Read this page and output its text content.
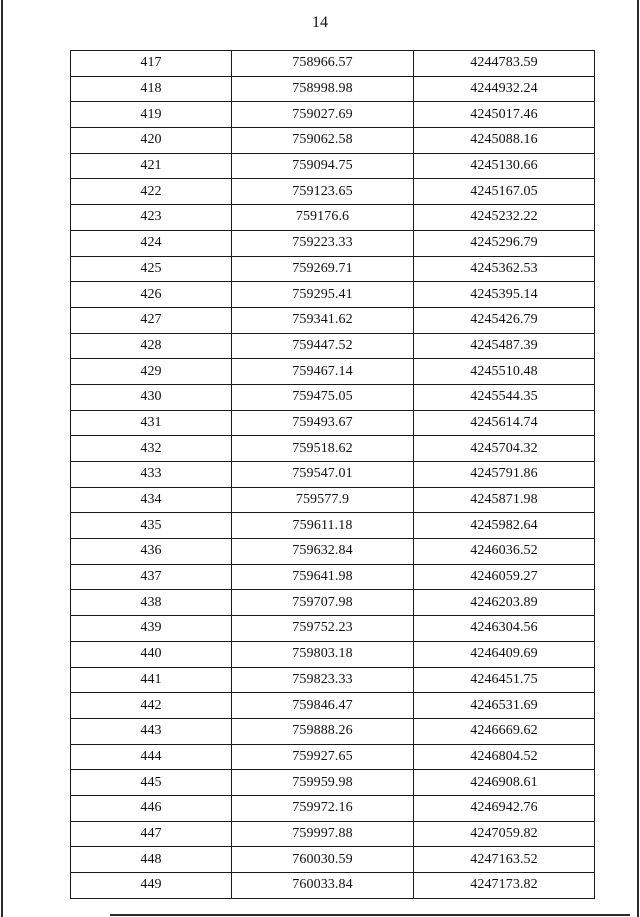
14
417	758966.57	4244783.59
418	758998.98	4244932.24
419	759027.69	4245017.46
420	759062.58	4245088.16
421	759094.75	4245130.66
422	759123.65	4245167.05
423	759176.6	4245232.22
424	759223.33	4245296.79
425	759269.71	4245362.53
426	759295.41	4245395.14
427	759341.62	4245426.79
428	759447.52	4245487.39
429	759467.14	4245510.48
430	759475.05	4245544.35
431	759493.67	4245614.74
432	759518.62	4245704.32
433	759547.01	4245791.86
434	759577.9	4245871.98
435	759611.18	4245982.64
436	759632.84	4246036.52
437	759641.98	4246059.27
438	759707.98	4246203.89
439	759752.23	4246304.56
440	759803.18	4246409.69
441	759823.33	4246451.75
442	759846.47	4246531.69
443	759888.26	4246669.62
444	759927.65	4246804.52
445	759959.98	4246908.61
446	759972.16	4246942.76
447	759997.88	4247059.82
448	760030.59	4247163.52
449	760033.84	4247173.82
